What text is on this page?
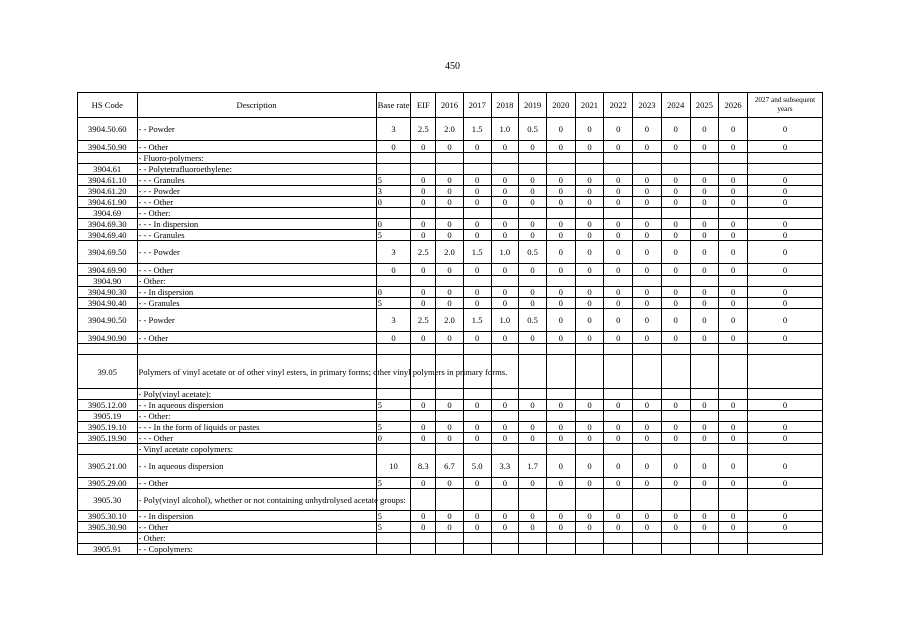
450
HS Code	Description	Base rate	EIF	2016	2017	2018	2019	2020	2021	2022	2023	2024	2025	2026	2027 and subsequent years
3904.50.60	- - Powder	3	2.5	2.0	1.5	1.0	0.5	0	0	0	0	0	0	0	0
3904.50.90	- - Other	0	0	0	0	0	0	0	0	0	0	0	0	0	0
	- Fluoro-polymers:														
3904.61	- - Polytetrafluoroethylene:														
3904.61.10	- - - Granules	5	0	0	0	0	0	0	0	0	0	0	0	0	0
3904.61.20	- - - Powder	3	0	0	0	0	0	0	0	0	0	0	0	0	0
3904.61.90	- - - Other	0	0	0	0	0	0	0	0	0	0	0	0	0	0
3904.69	- - Other:														
3904.69.30	- - - In dispersion	0	0	0	0	0	0	0	0	0	0	0	0	0	0
3904.69.40	- - - Granules	5	0	0	0	0	0	0	0	0	0	0	0	0	0
3904.69.50	- - - Powder	3	2.5	2.0	1.5	1.0	0.5	0	0	0	0	0	0	0	0
3904.69.90	- - - Other	0	0	0	0	0	0	0	0	0	0	0	0	0	0
3904.90	- Other:														
3904.90.30	- - In dispersion	0	0	0	0	0	0	0	0	0	0	0	0	0	0
3904.90.40	- - Granules	5	0	0	0	0	0	0	0	0	0	0	0	0	0
3904.90.50	- - Powder	3	2.5	2.0	1.5	1.0	0.5	0	0	0	0	0	0	0	0
3904.90.90	- - Other	0	0	0	0	0	0	0	0	0	0	0	0	0	0

39.05	Polymers of vinyl acetate or of other vinyl esters, in primary forms; other vinyl polymers in primary forms.														
	- Poly(vinyl acetate):														
3905.12.00	- - In aqueous dispersion	5	0	0	0	0	0	0	0	0	0	0	0	0	0
3905.19	- - Other:														
3905.19.10	- - - In the form of liquids or pastes	5	0	0	0	0	0	0	0	0	0	0	0	0	0
3905.19.90	- - - Other	0	0	0	0	0	0	0	0	0	0	0	0	0	0
	- Vinyl acetate copolymers:														
3905.21.00	- - In aqueous dispersion	10	8.3	6.7	5.0	3.3	1.7	0	0	0	0	0	0	0	0
3905.29.00	- - Other	5	0	0	0	0	0	0	0	0	0	0	0	0	0
3905.30	- Poly(vinyl alcohol), whether or not containing unhydrolysed acetate groups:														
3905.30.10	- - In dispersion	5	0	0	0	0	0	0	0	0	0	0	0	0	0
3905.30.90	- - Other	5	0	0	0	0	0	0	0	0	0	0	0	0	0
	- Other:														
3905.91	- - Copolymers:														
